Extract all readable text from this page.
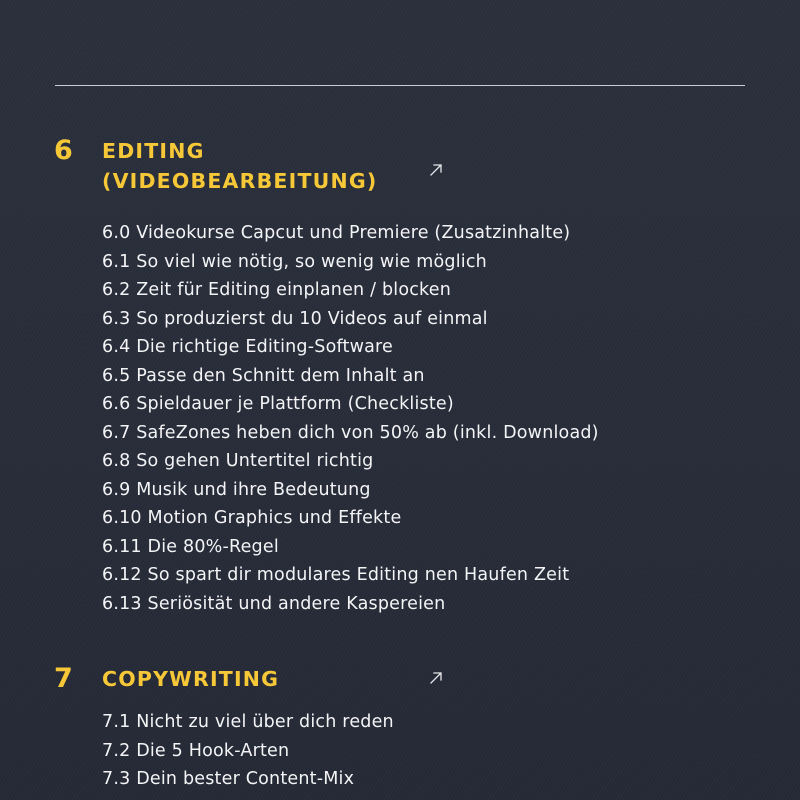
6 EDITING
(VIDEOBEARBEITUNG)
6.0 Videokurse Capcut und Premiere (Zusatzinhalte)
6.1 So viel wie nötig, so wenig wie möglich
6.2 Zeit für Editing einplanen / blocken
6.3 So produzierst du 10 Videos auf einmal
6.4 Die richtige Editing-Software
6.5 Passe den Schnitt dem Inhalt an
6.6 Spieldauer je Plattform (Checkliste)
6.7 SafeZones heben dich von 50% ab (inkl. Download)
6.8 So gehen Untertitel richtig
6.9 Musik und ihre Bedeutung
6.10 Motion Graphics und Effekte
6.11 Die 80%-Regel
6.12 So spart dir modulares Editing nen Haufen Zeit
6.13 Seriösität und andere Kaspereien
7 COPYWRITING
7.1 Nicht zu viel über dich reden
7.2 Die 5 Hook-Arten
7.3 Dein bester Content-Mix
